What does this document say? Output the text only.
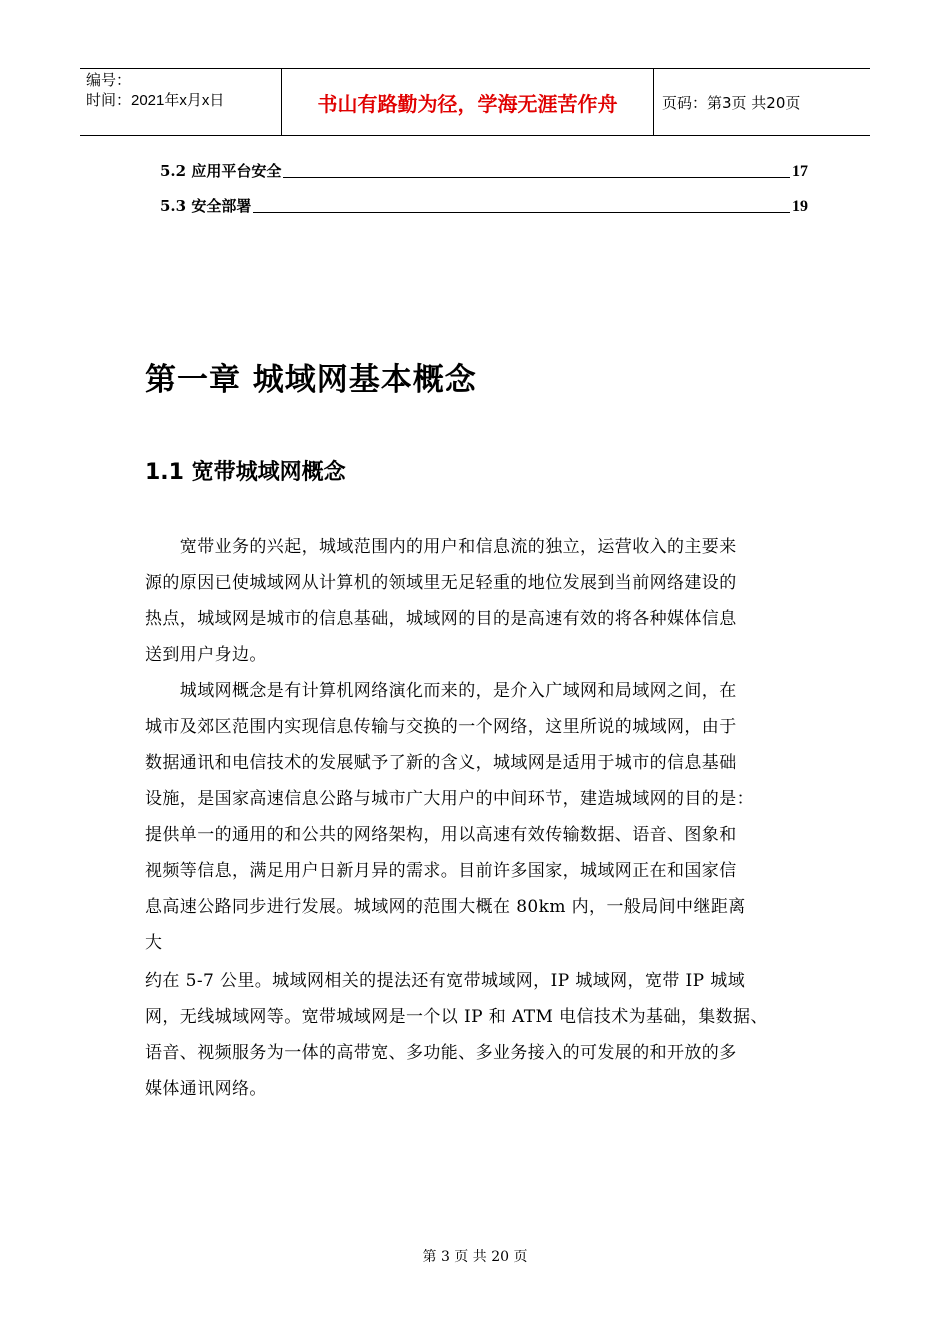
编号：
时间：2021年x月x日	书山有路勤为径，学海无涯苦作舟	页码：第3页 共20页
5.2 应用平台安全	17
5.3 安全部署	19
第一章 城域网基本概念
1.1 宽带城域网概念
　　宽带业务的兴起，城域范围内的用户和信息流的独立，运营收入的主要来
源的原因已使城域网从计算机的领域里无足轻重的地位发展到当前网络建设的
热点，城域网是城市的信息基础，城域网的目的是高速有效的将各种媒体信息
送到用户身边。
　　城域网概念是有计算机网络演化而来的，是介入广域网和局域网之间，在
城市及郊区范围内实现信息传输与交换的一个网络，这里所说的城域网，由于
数据通讯和电信技术的发展赋予了新的含义，城域网是适用于城市的信息基础
设施，是国家高速信息公路与城市广大用户的中间环节，建造城域网的目的是：
提供单一的通用的和公共的网络架构，用以高速有效传输数据、语音、图象和
视频等信息，满足用户日新月异的需求。目前许多国家，城域网正在和国家信
息高速公路同步进行发展。城域网的范围大概在 80km 内，一般局间中继距离
大
约在 5-7 公里。城域网相关的提法还有宽带城域网，IP 城域网，宽带 IP 城域
网，无线城域网等。宽带城域网是一个以 IP 和 ATM 电信技术为基础，集数据、
语音、视频服务为一体的高带宽、多功能、多业务接入的可发展的和开放的多
媒体通讯网络。
第 3 页 共 20 页
